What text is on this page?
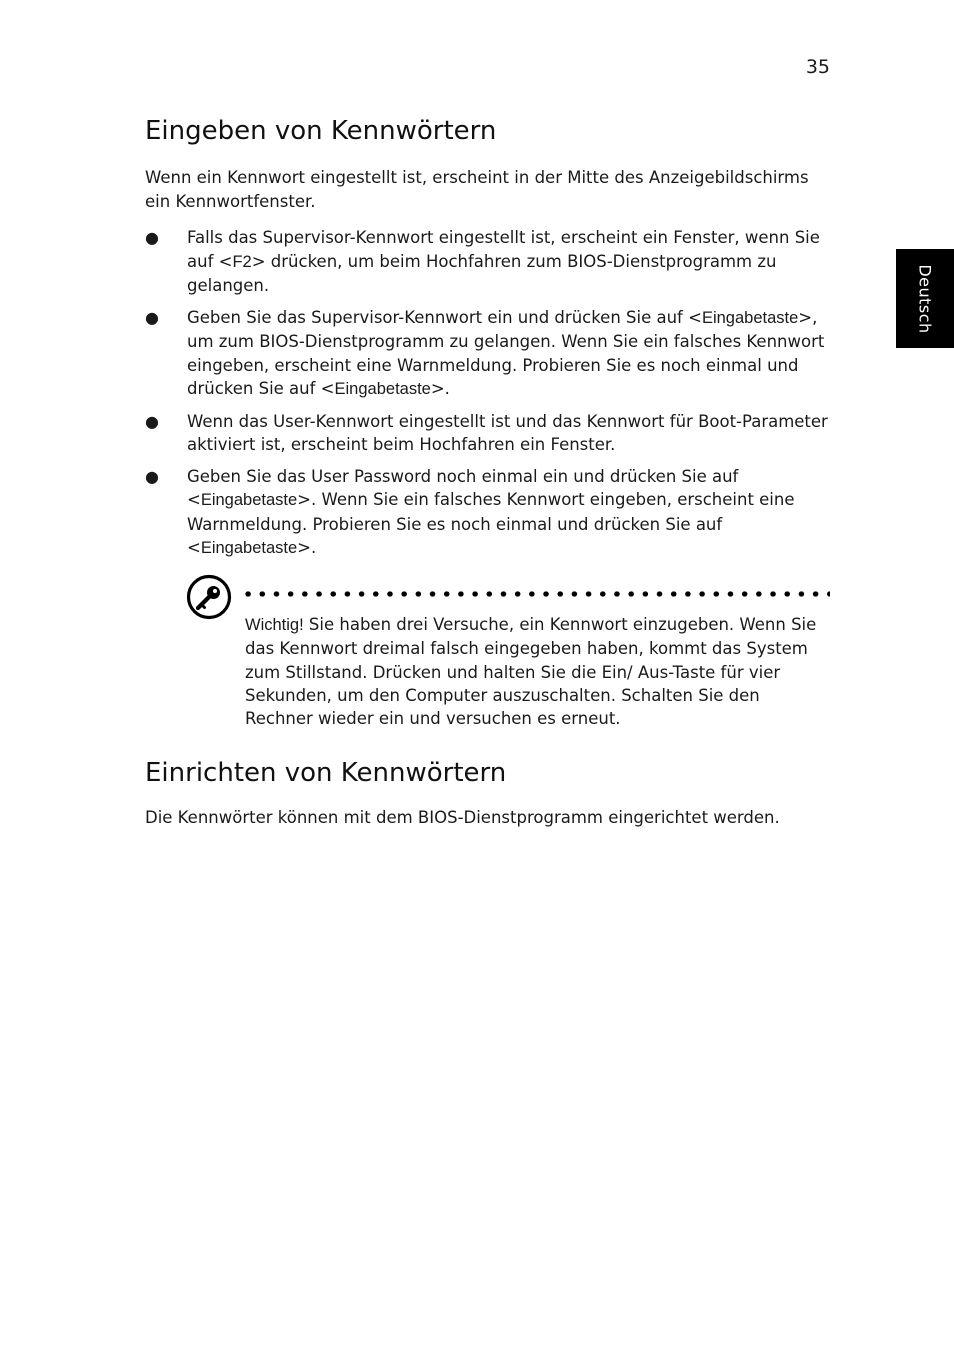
35
Deutsch
Eingeben von Kennwörtern

Wenn ein Kennwort eingestellt ist, erscheint in der Mitte des Anzeigebildschirms ein Kennwortfenster.

● Falls das Supervisor-Kennwort eingestellt ist, erscheint ein Fenster, wenn Sie auf <F2> drücken, um beim Hochfahren zum BIOS-Dienstprogramm zu gelangen.
● Geben Sie das Supervisor-Kennwort ein und drücken Sie auf <Eingabetaste>, um zum BIOS-Dienstprogramm zu gelangen. Wenn Sie ein falsches Kennwort eingeben, erscheint eine Warnmeldung. Probieren Sie es noch einmal und drücken Sie auf <Eingabetaste>.
● Wenn das User-Kennwort eingestellt ist und das Kennwort für Boot-Parameter aktiviert ist, erscheint beim Hochfahren ein Fenster.
● Geben Sie das User Password noch einmal ein und drücken Sie auf <Eingabetaste>. Wenn Sie ein falsches Kennwort eingeben, erscheint eine Warnmeldung. Probieren Sie es noch einmal und drücken Sie auf <Eingabetaste>.

Wichtig! Sie haben drei Versuche, ein Kennwort einzugeben. Wenn Sie das Kennwort dreimal falsch eingegeben haben, kommt das System zum Stillstand. Drücken und halten Sie die Ein/ Aus-Taste für vier Sekunden, um den Computer auszuschalten. Schalten Sie den Rechner wieder ein und versuchen es erneut.

Einrichten von Kennwörtern

Die Kennwörter können mit dem BIOS-Dienstprogramm eingerichtet werden.
